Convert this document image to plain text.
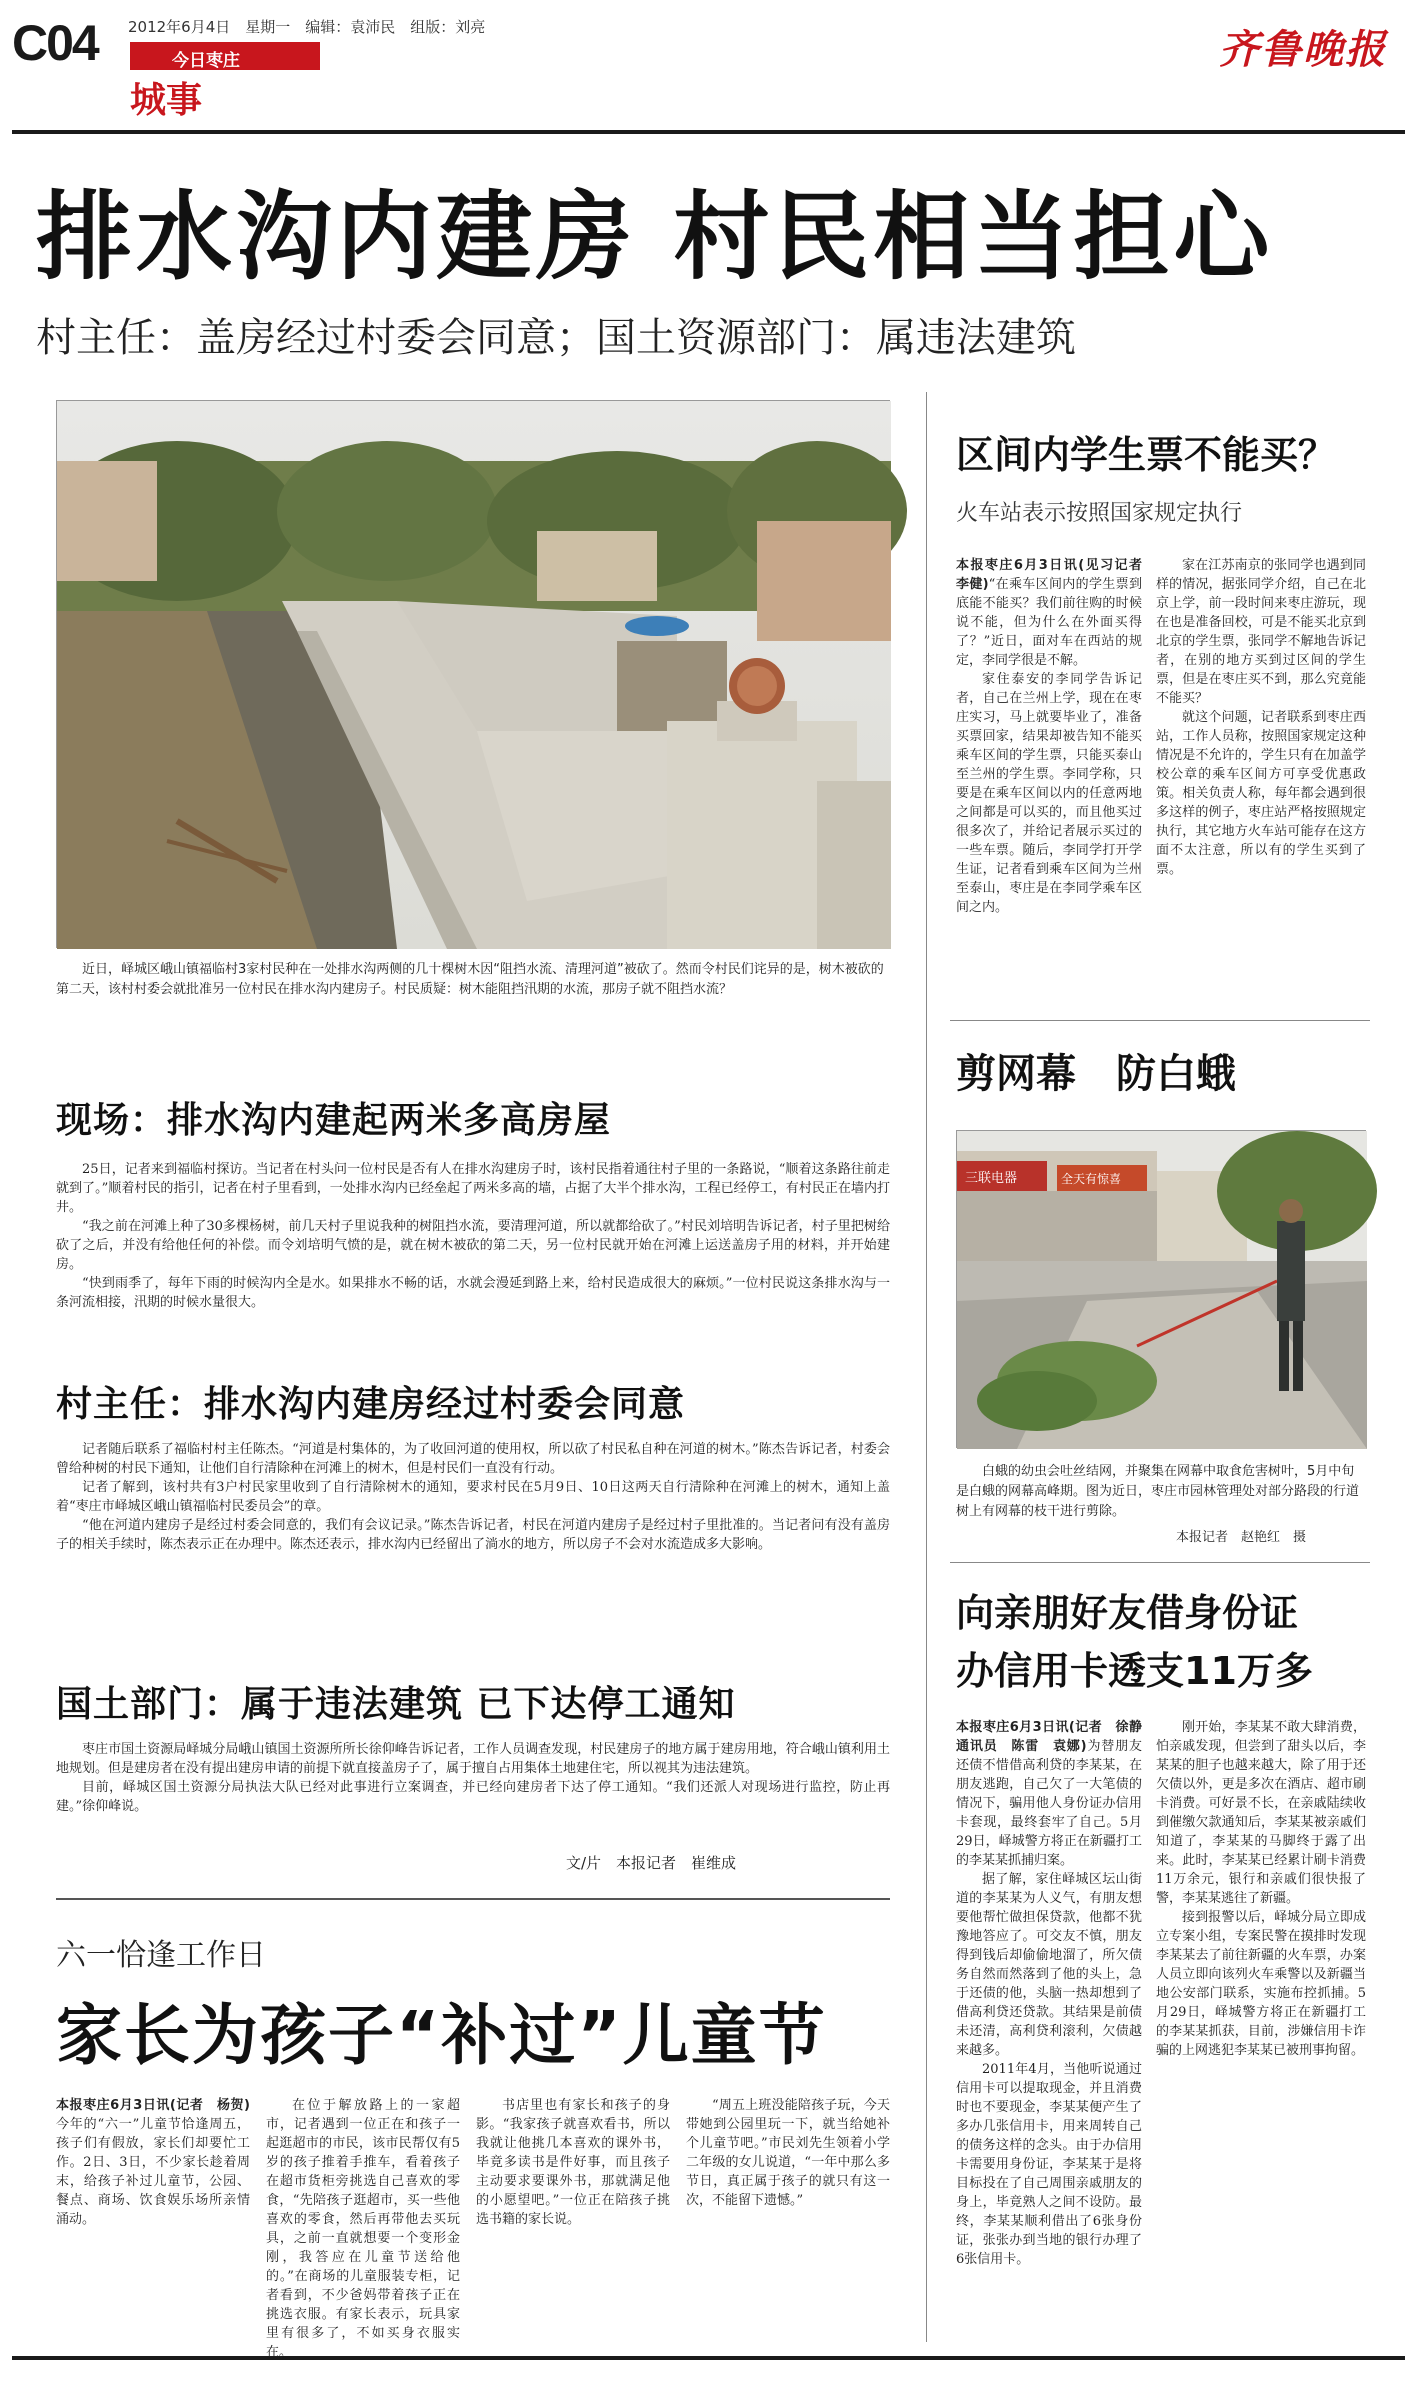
C04 2012年6月4日　星期一　编辑：袁沛民　组版：刘亮
今日枣庄
城事
齐鲁晚报
排水沟内建房 村民相当担心
村主任：盖房经过村委会同意；国土资源部门：属违法建筑
近日，峄城区峨山镇福临村3家村民种在一处排水沟两侧的几十棵树木因“阻挡水流、清理河道”被砍了。然而令村民们诧异的是，树木被砍的第二天，该村村委会就批准另一位村民在排水沟内建房子。村民质疑：树木能阻挡汛期的水流，那房子就不阻挡水流？
现场：排水沟内建起两米多高房屋

25日，记者来到福临村探访。当记者在村头问一位村民是否有人在排水沟建房子时，该村民指着通往村子里的一条路说，“顺着这条路往前走就到了。”顺着村民的指引，记者在村子里看到，一处排水沟内已经垒起了两米多高的墙，占据了大半个排水沟，工程已经停工，有村民正在墙内打井。

“我之前在河滩上种了30多棵杨树，前几天村子里说我种的树阻挡水流，要清理河道，所以就都给砍了。”村民刘培明告诉记者，村子里把树给砍了之后，并没有给他任何的补偿。而令刘培明气愤的是，就在树木被砍的第二天，另一位村民就开始在河滩上运送盖房子用的材料，并开始建房。

“快到雨季了，每年下雨的时候沟内全是水。如果排水不畅的话，水就会漫延到路上来，给村民造成很大的麻烦。”一位村民说这条排水沟与一条河流相接，汛期的时候水量很大。

村主任：排水沟内建房经过村委会同意

记者随后联系了福临村村主任陈杰。“河道是村集体的，为了收回河道的使用权，所以砍了村民私自种在河道的树木。”陈杰告诉记者，村委会曾给种树的村民下通知，让他们自行清除种在河滩上的树木，但是村民们一直没有行动。

记者了解到，该村共有3户村民家里收到了自行清除树木的通知，要求村民在5月9日、10日这两天自行清除种在河滩上的树木，通知上盖着“枣庄市峄城区峨山镇福临村民委员会”的章。

“他在河道内建房子是经过村委会同意的，我们有会议记录。”陈杰告诉记者，村民在河道内建房子是经过村子里批准的。当记者问有没有盖房子的相关手续时，陈杰表示正在办理中。陈杰还表示，排水沟内已经留出了淌水的地方，所以房子不会对水流造成多大影响。

国土部门：属于违法建筑 已下达停工通知

枣庄市国土资源局峄城分局峨山镇国土资源所所长徐仰峰告诉记者，工作人员调查发现，村民建房子的地方属于建房用地，符合峨山镇利用土地规划。但是建房者在没有提出建房申请的前提下就直接盖房子了，属于擅自占用集体土地建住宅，所以视其为违法建筑。

目前，峄城区国土资源分局执法大队已经对此事进行立案调查，并已经向建房者下达了停工通知。“我们还派人对现场进行监控，防止再建。”徐仰峰说。

文/片　本报记者　崔维成
六一恰逢工作日
家长为孩子“补过”儿童节

本报枣庄6月3日讯(记者　杨贺)今年的“六一”儿童节恰逢周五，孩子们有假放，家长们却要忙工作。2日、3日，不少家长趁着周末，给孩子补过儿童节，公园、餐点、商场、饮食娱乐场所亲情涌动。

在位于解放路上的一家超市，记者遇到一位正在和孩子一起逛超市的市民，该市民帮仅有5岁的孩子推着手推车，看着孩子在超市货柜旁挑选自己喜欢的零食，“先陪孩子逛超市，买一些他喜欢的零食，然后再带他去买玩具，之前一直就想要一个变形金刚，我答应在儿童节送给他的。”在商场的儿童服装专柜，记者看到，不少爸妈带着孩子正在挑选衣服。有家长表示，玩具家里有很多了，不如买身衣服实在。

书店里也有家长和孩子的身影。“我家孩子就喜欢看书，所以我就让他挑几本喜欢的课外书，毕竟多读书是件好事，而且孩子主动要求要课外书，那就满足他的小愿望吧。”一位正在陪孩子挑选书籍的家长说。

“周五上班没能陪孩子玩，今天带她到公园里玩一下，就当给她补个儿童节吧。”市民刘先生领着小学二年级的女儿说道，“一年中那么多节日，真正属于孩子的就只有这一次，不能留下遗憾。”

区间内学生票不能买？
火车站表示按照国家规定执行

本报枣庄6月3日讯(见习记者　李健)“在乘车区间内的学生票到底能不能买？我们前往购的时候说不能，但为什么在外面买得了？”近日，面对车在西站的规定，李同学很是不解。

家住泰安的李同学告诉记者，自己在兰州上学，现在在枣庄实习，马上就要毕业了，准备买票回家，结果却被告知不能买乘车区间的学生票，只能买泰山至兰州的学生票。李同学称，只要是在乘车区间以内的任意两地之间都是可以买的，而且他买过很多次了，并给记者展示买过的一些车票。随后，李同学打开学生证，记者看到乘车区间为兰州至泰山，枣庄是在李同学乘车区间之内。

家在江苏南京的张同学也遇到同样的情况，据张同学介绍，自己在北京上学，前一段时间来枣庄游玩，现在也是准备回校，可是不能买北京到北京的学生票，张同学不解地告诉记者，在别的地方买到过区间的学生票，但是在枣庄买不到，那么究竟能不能买？

就这个问题，记者联系到枣庄西站，工作人员称，按照国家规定这种情况是不允许的，学生只有在加盖学校公章的乘车区间方可享受优惠政策。相关负责人称，每年都会遇到很多这样的例子，枣庄站严格按照规定执行，其它地方火车站可能存在这方面不太注意，所以有的学生买到了票。

剪网幕　防白蛾
三联电器	全天有惊喜
白蛾的幼虫会吐丝结网，并聚集在网幕中取食危害树叶，5月中旬是白蛾的网幕高峰期。图为近日，枣庄市园林管理处对部分路段的行道树上有网幕的枝干进行剪除。
本报记者　赵艳红　摄
向亲朋好友借身份证
办信用卡透支11万多

本报枣庄6月3日讯(记者　徐静　通讯员　陈雷　袁娜)为替朋友还债不惜借高利贷的李某某，在朋友逃跑，自己欠了一大笔债的情况下，骗用他人身份证办信用卡套现，最终套牢了自己。5月29日，峄城警方将正在新疆打工的李某某抓捕归案。

据了解，家住峄城区坛山街道的李某某为人义气，有朋友想要他帮忙做担保贷款，他都不犹豫地答应了。可交友不慎，朋友得到钱后却偷偷地溜了，所欠债务自然而然落到了他的头上，急于还债的他，头脑一热却想到了借高利贷还贷款。其结果是前债未还清，高利贷利滚利，欠债越来越多。

2011年4月，当他听说通过信用卡可以提取现金，并且消费时也不要现金，李某某便产生了多办几张信用卡，用来周转自己的债务这样的念头。由于办信用卡需要用身份证，李某某于是将目标投在了自己周围亲戚朋友的身上，毕竟熟人之间不设防。最终，李某某顺利借出了6张身份证，张张办到当地的银行办理了6张信用卡。

刚开始，李某某不敢大肆消费，怕亲戚发现，但尝到了甜头以后，李某某的胆子也越来越大，除了用于还欠债以外，更是多次在酒店、超市刷卡消费。可好景不长，在亲戚陆续收到催缴欠款通知后，李某某被亲戚们知道了，李某某的马脚终于露了出来。此时，李某某已经累计刷卡消费11万余元，银行和亲戚们很快报了警，李某某逃往了新疆。

接到报警以后，峄城分局立即成立专案小组，专案民警在摸排时发现李某某去了前往新疆的火车票，办案人员立即向该列火车乘警以及新疆当地公安部门联系，实施布控抓捕。5月29日，峄城警方将正在新疆打工的李某某抓获，目前，涉嫌信用卡诈骗的上网逃犯李某某已被刑事拘留。
